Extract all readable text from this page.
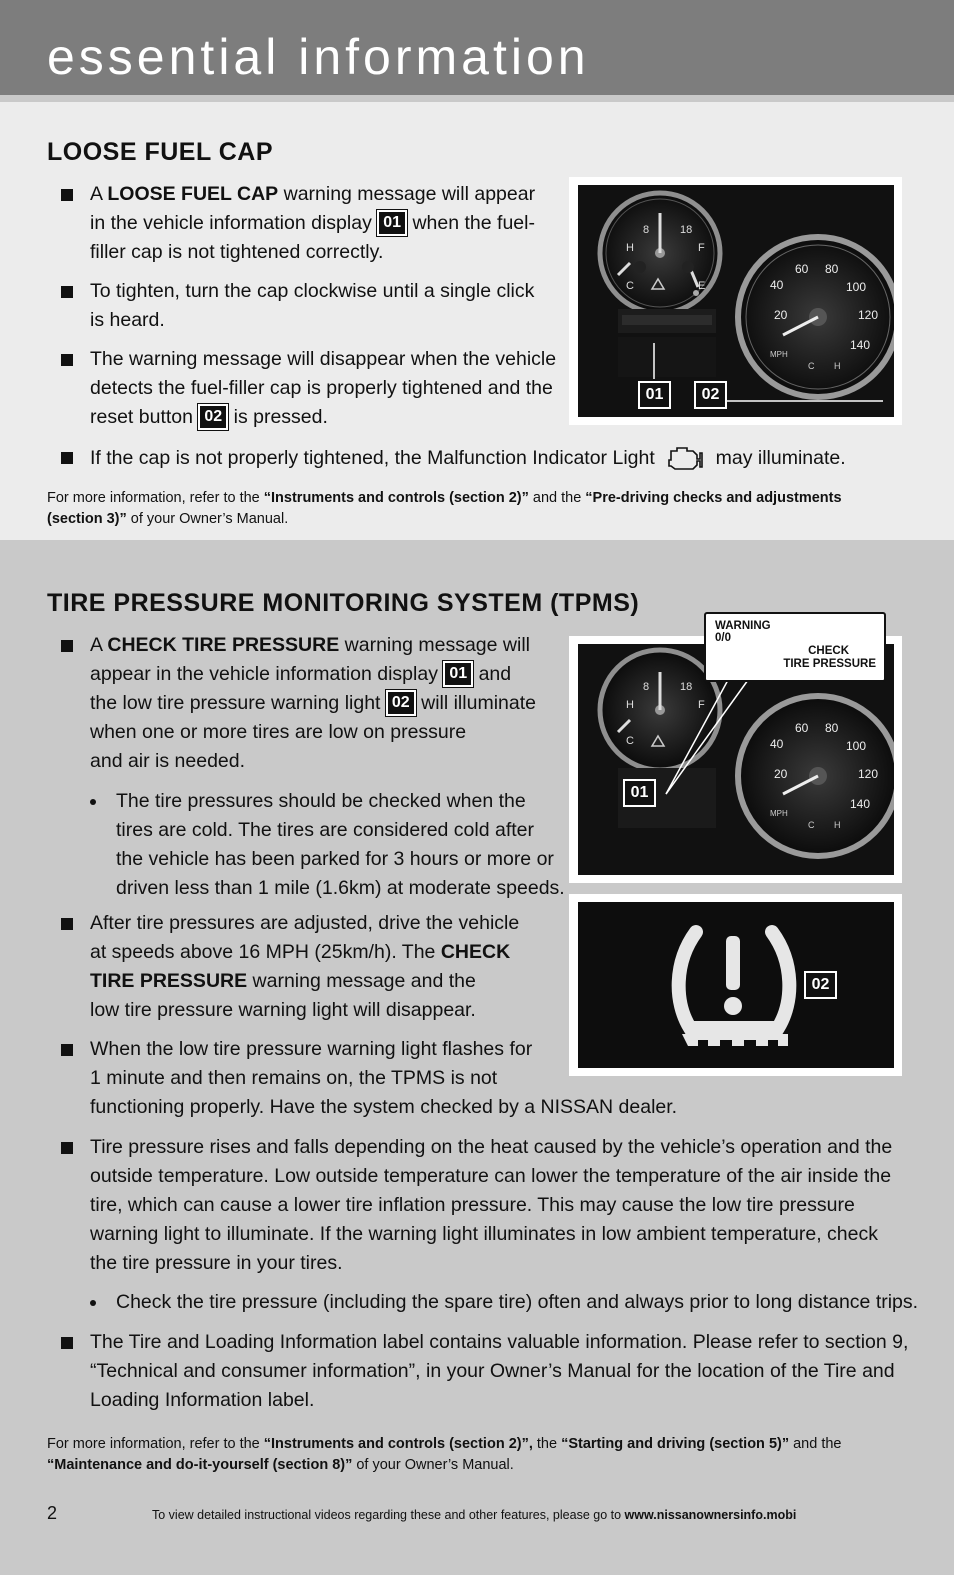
essential information
LOOSE FUEL CAP
A LOOSE FUEL CAP warning message will appear
in the vehicle information display 01 when the fuel-
filler cap is not tightened correctly.
To tighten, turn the cap clockwise until a single click
is heard.
The warning message will disappear when the vehicle
detects the fuel-filler cap is properly tightened and the
reset button 02 is pressed.
If the cap is not properly tightened, the Malfunction Indicator Light	may illuminate.
For more information, refer to the “Instruments and controls (section 2)” and the “Pre-driving checks and adjustments
(section 3)” of your Owner’s Manual.
8	18
H
C
F
E
20
40
60 80
100
120
140
MPH
C H
01	02
TIRE PRESSURE MONITORING SYSTEM (TPMS)
A CHECK TIRE PRESSURE warning message will
appear in the vehicle information display 01 and
the low tire pressure warning light 02 will illuminate
when one or more tires are low on pressure
and air is needed.
The tire pressures should be checked when the
tires are cold. The tires are considered cold after
the vehicle has been parked for 3 hours or more or
driven less than 1 mile (1.6km) at moderate speeds.
After tire pressures are adjusted, drive the vehicle
at speeds above 16 MPH (25km/h). The CHECK
TIRE PRESSURE warning message and the
low tire pressure warning light will disappear.
When the low tire pressure warning light flashes for
1 minute and then remains on, the TPMS is not
functioning properly. Have the system checked by a NISSAN dealer.
Tire pressure rises and falls depending on the heat caused by the vehicle’s operation and the
outside temperature. Low outside temperature can lower the temperature of the air inside the
tire, which can cause a lower tire inflation pressure. This may cause the low tire pressure
warning light to illuminate. If the warning light illuminates in low ambient temperature, check
the tire pressure in your tires.
Check the tire pressure (including the spare tire) often and always prior to long distance trips.
The Tire and Loading Information label contains valuable information. Please refer to section 9,
“Technical and consumer information”, in your Owner’s Manual for the location of the Tire and
Loading Information label.
For more information, refer to the “Instruments and controls (section 2)”, the “Starting and driving (section 5)” and the
“Maintenance and do-it-yourself (section 8)” of your Owner’s Manual.
8	18
H
C
F
20
40
60 80
100
120
140
MPH
C H
01
WARNING
0/0
CHECK
TIRE PRESSURE
02
2	To view detailed instructional videos regarding these and other features, please go to www.nissanownersinfo.mobi
